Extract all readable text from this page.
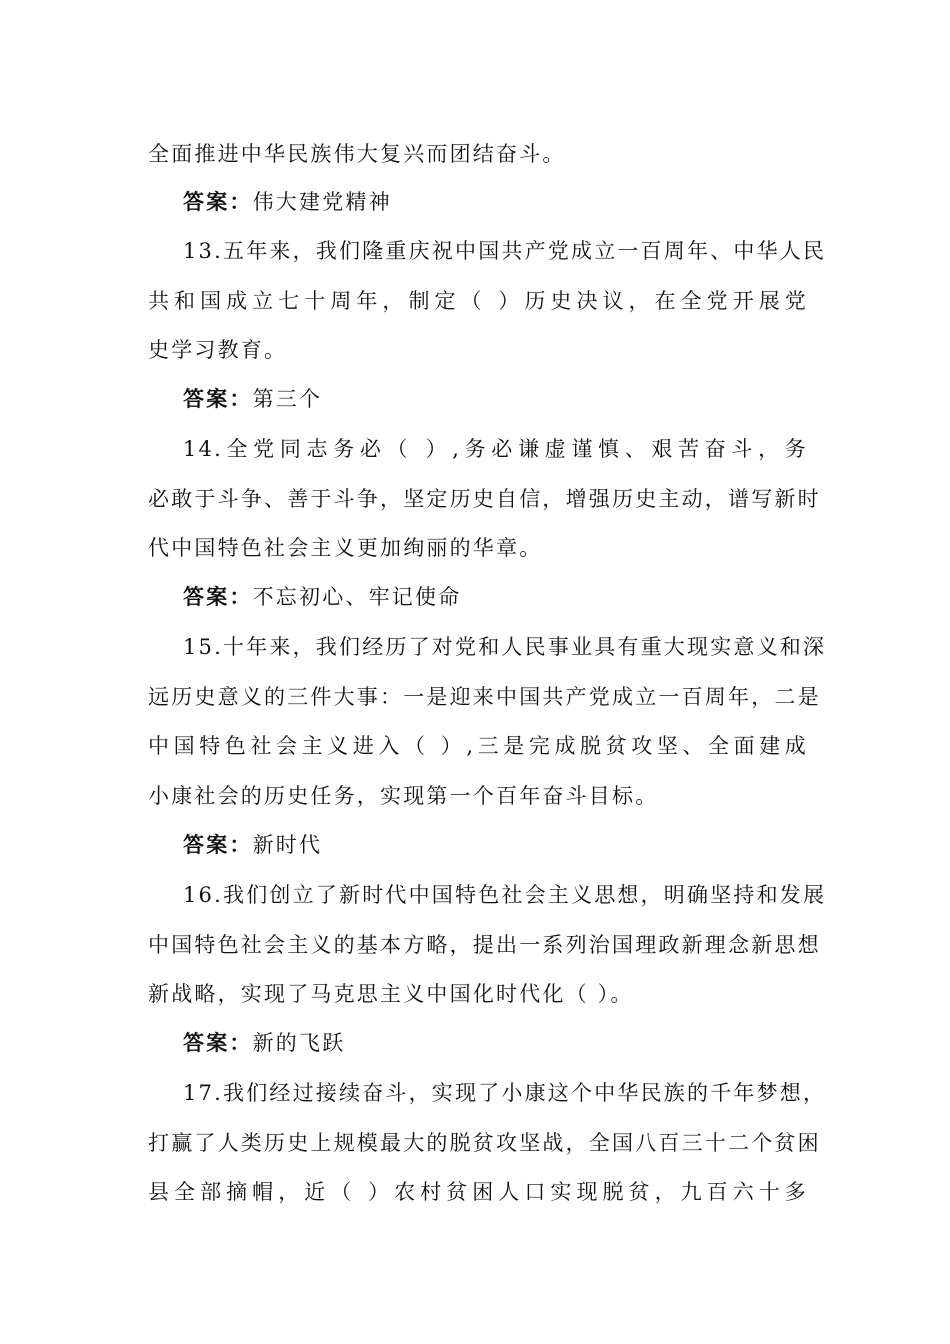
全面推进中华民族伟大复兴而团结奋斗。
答案：伟大建党精神
13.五年来，我们隆重庆祝中国共产党成立一百周年、中华人民
共和国成立七十周年，制定（ ）历史决议，在全党开展党
史学习教育。
答案：第三个
14.全党同志务必（ ）,务必谦虚谨慎、艰苦奋斗，务
必敢于斗争、善于斗争，坚定历史自信，增强历史主动，谱写新时
代中国特色社会主义更加绚丽的华章。
答案：不忘初心、牢记使命
15.十年来，我们经历了对党和人民事业具有重大现实意义和深
远历史意义的三件大事：一是迎来中国共产党成立一百周年，二是
中国特色社会主义进入（ ）,三是完成脱贫攻坚、全面建成
小康社会的历史任务，实现第一个百年奋斗目标。
答案：新时代
16.我们创立了新时代中国特色社会主义思想，明确坚持和发展
中国特色社会主义的基本方略，提出一系列治国理政新理念新思想
新战略，实现了马克思主义中国化时代化（ ）。
答案：新的飞跃
17.我们经过接续奋斗，实现了小康这个中华民族的千年梦想，
打赢了人类历史上规模最大的脱贫攻坚战，全国八百三十二个贫困
县全部摘帽，近（ ）农村贫困人口实现脱贫，九百六十多
